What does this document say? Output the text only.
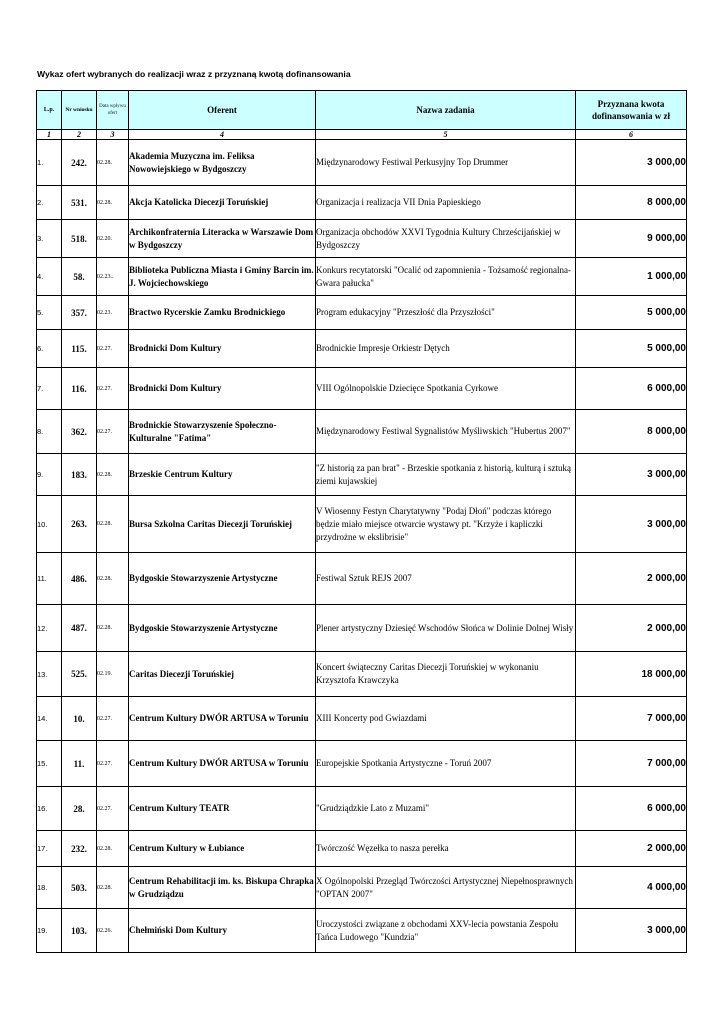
Wykaz ofert wybranych do realizacji wraz z przyznaną kwotą dofinansowania
L.p.	Nr wniosku	Data wpływu ofert	Oferent	Nazwa zadania	Przyznana kwota dofinansowania w zł
1	2	3	4	5	6
1.	242.	02.28.	Akademia Muzyczna im. Feliksa Nowowiejskiego w Bydgoszczy	Międzynarodowy Festiwal Perkusyjny Top Drummer	3 000,00
2.	531.	02.28.	Akcja Katolicka Diecezji Toruńskiej	Organizacja i realizacja VII Dnia Papieskiego	8 000,00
3.	518.	02.20.	Archikonfraternia Literacka w Warszawie Dom w Bydgoszczy	Organizacja obchodów XXVI Tygodnia Kultury Chrześcijańskiej w Bydgoszczy	9 000,00
4.	58.	02.23..	Biblioteka Publiczna Miasta i Gminy Barcin im. J. Wojciechowskiego	Konkurs recytatorski "Ocalić od zapomnienia - Tożsamość regionalna- Gwara pałucka"	1 000,00
5.	357.	02.23.	Bractwo Rycerskie Zamku Brodnickiego	Program edukacyjny "Przeszłość dla Przyszłości"	5 000,00
6.	115.	02.27.	Brodnicki Dom Kultury	Brodnickie Impresje Orkiestr Dętych	5 000,00
7.	116.	02.27.	Brodnicki Dom Kultury	VIII Ogólnopolskie Dziecięce Spotkania Cyrkowe	6 000,00
8.	362.	02.27.	Brodnickie Stowarzyszenie Społeczno-Kulturalne "Fatima"	Międzynarodowy Festiwal Sygnalistów Myśliwskich "Hubertus 2007"	8 000,00
9.	183.	02.28.	Brzeskie Centrum Kultury	"Z historią za pan brat" - Brzeskie spotkania z historią, kulturą i sztuką ziemi kujawskiej	3 000,00
10.	263.	02.28.	Bursa Szkolna Caritas Diecezji Toruńskiej	V Wiosenny Festyn Charytatywny "Podaj Dłoń" podczas którego będzie miało miejsce otwarcie wystawy pt. "Krzyże i kapliczki przydrożne w ekslibrisie"	3 000,00
11.	486.	02.28.	Bydgoskie Stowarzyszenie Artystyczne	Festiwal Sztuk REJS 2007	2 000,00
12.	487.	02.28.	Bydgoskie Stowarzyszenie Artystyczne	Plener artystyczny Dziesięć Wschodów Słońca w Dolinie Dolnej Wisły	2 000,00
13.	525.	02.19.	Caritas Diecezji Toruńskiej	Koncert świąteczny Caritas Diecezji Toruńskiej w wykonaniu Krzysztofa Krawczyka	18 000,00
14.	10.	02.27.	Centrum Kultury DWÓR ARTUSA w Toruniu	XIII Koncerty pod Gwiazdami	7 000,00
15.	11.	02.27.	Centrum Kultury DWÓR ARTUSA w Toruniu	Europejskie Spotkania Artystyczne - Toruń 2007	7 000,00
16.	28.	02.27.	Centrum Kultury TEATR	"Grudziądzkie Lato z Muzami"	6 000,00
17.	232.	02.28.	Centrum Kultury w Łubiance	Twórczość Węzełka to nasza perełka	2 000,00
18.	503.	02.28.	Centrum Rehabilitacji im. ks. Biskupa Chrapka w Grudziądzu	X Ogólnopolski Przegląd Twórczości Artystycznej Niepełnosprawnych "OPTAN 2007"	4 000,00
19.	103.	02.26.	Chełmiński Dom Kultury	Uroczystości związane z obchodami XXV-lecia powstania Zespołu Tańca Ludowego "Kundzia"	3 000,00
